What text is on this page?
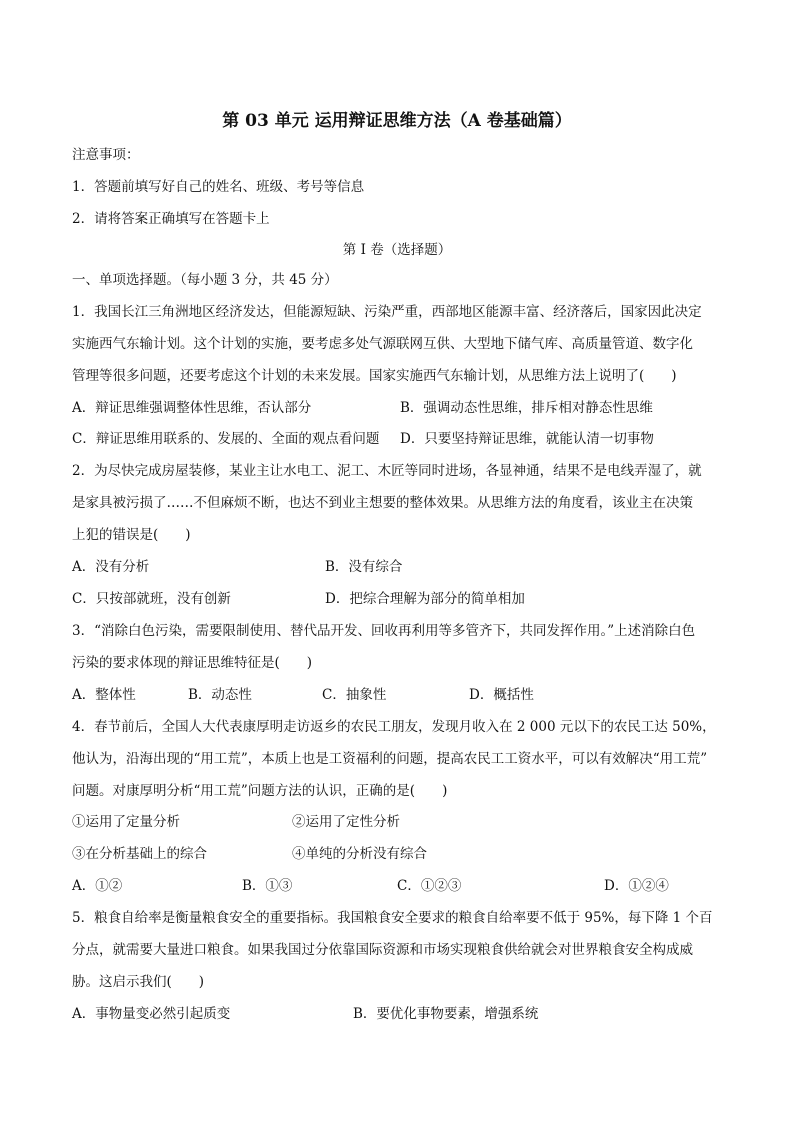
第 03 单元 运用辩证思维方法（A 卷基础篇）
注意事项：
1．答题前填写好自己的姓名、班级、考号等信息
2．请将答案正确填写在答题卡上
第 I 卷（选择题）
一、单项选择题。（每小题 3 分，共 45 分）
1．我国长江三角洲地区经济发达，但能源短缺、污染严重，西部地区能源丰富、经济落后，国家因此决定
实施西气东输计划。这个计划的实施，要考虑多处气源联网互供、大型地下储气库、高质量管道、数字化
管理等很多问题，还要考虑这个计划的未来发展。国家实施西气东输计划，从思维方法上说明了(　　)
A．辩证思维强调整体性思维，否认部分	B．强调动态性思维，排斥相对静态性思维
C．辩证思维用联系的、发展的、全面的观点看问题 D．只要坚持辩证思维，就能认清一切事物
2．为尽快完成房屋装修，某业主让水电工、泥工、木匠等同时进场，各显神通，结果不是电线弄湿了，就
是家具被污损了……不但麻烦不断，也达不到业主想要的整体效果。从思维方法的角度看，该业主在决策
上犯的错误是(　　)
A．没有分析	B．没有综合
C．只按部就班，没有创新	D．把综合理解为部分的简单相加
3．“消除白色污染，需要限制使用、替代品开发、回收再利用等多管齐下，共同发挥作用。”上述消除白色
污染的要求体现的辩证思维特征是(　　)
A．整体性	B．动态性	C．抽象性	D．概括性
4．春节前后，全国人大代表康厚明走访返乡的农民工朋友，发现月收入在 2 000 元以下的农民工达 50%，
他认为，沿海出现的“用工荒”，本质上也是工资福利的问题，提高农民工工资水平，可以有效解决“用工荒”
问题。对康厚明分析“用工荒”问题方法的认识，正确的是(　　)
①运用了定量分析	②运用了定性分析
③在分析基础上的综合	④单纯的分析没有综合
A．①②	B．①③	C．①②③	D．①②④
5．粮食自给率是衡量粮食安全的重要指标。我国粮食安全要求的粮食自给率要不低于 95%，每下降 1 个百
分点，就需要大量进口粮食。如果我国过分依靠国际资源和市场实现粮食供给就会对世界粮食安全构成威
胁。这启示我们(　　)
A．事物量变必然引起质变	B．要优化事物要素，增强系统
